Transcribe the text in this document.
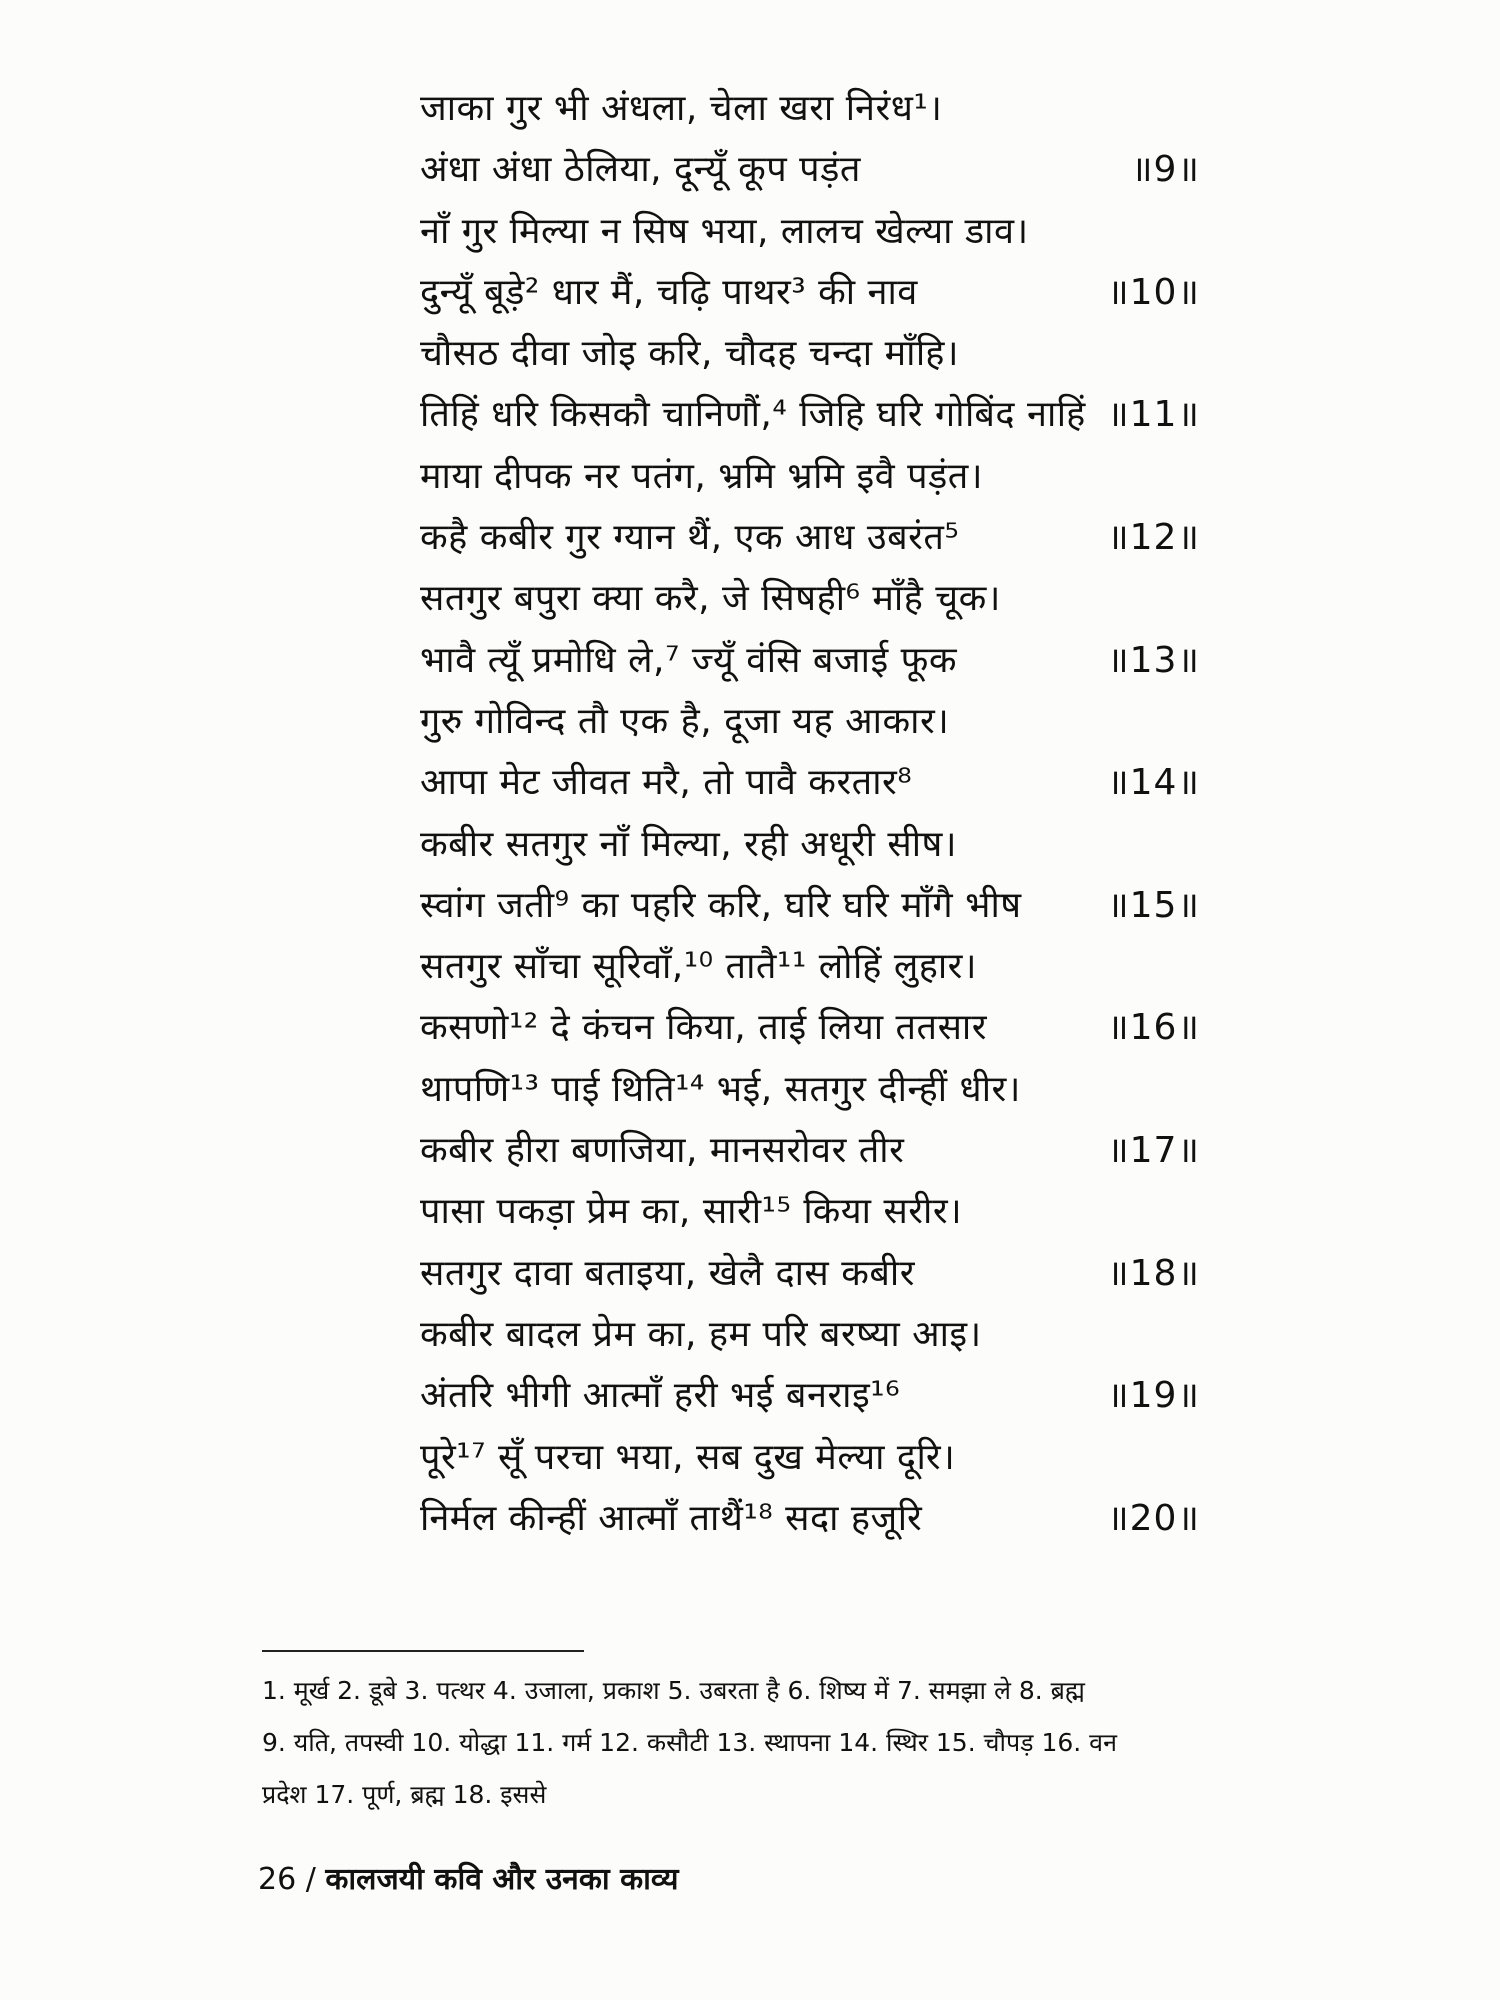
जाका गुर भी अंधला, चेला खरा निरंध¹।
अंधा अंधा ठेलिया, दून्यूँ कूप पड़ंत	॥9॥
नाँ गुर मिल्या न सिष भया, लालच खेल्या डाव।
दुन्यूँ बूड़े² धार मैं, चढ़ि पाथर³ की नाव	॥10॥
चौसठ दीवा जोइ करि, चौदह चन्दा माँहि।
तिहिं धरि किसकौ चानिणौं,⁴ जिहि घरि गोबिंद नाहिं ॥11॥
माया दीपक नर पतंग, भ्रमि भ्रमि इवै पड़ंत।
कहै कबीर गुर ग्यान थैं, एक आध उबरंत⁵	॥12॥
सतगुर बपुरा क्या करै, जे सिषही⁶ माँहै चूक।
भावै त्यूँ प्रमोधि ले,⁷ ज्यूँ वंसि बजाई फूक	॥13॥
गुरु गोविन्द तौ एक है, दूजा यह आकार।
आपा मेट जीवत मरै, तो पावै करतार⁸	॥14॥
कबीर सतगुर नाँ मिल्या, रही अधूरी सीष।
स्वांग जती⁹ का पहरि करि, घरि घरि माँगै भीष ॥15॥
सतगुर साँचा सूरिवाँ,¹⁰ तातै¹¹ लोहिं लुहार।
कसणो¹² दे कंचन किया, ताई लिया ततसार	॥16॥
थापणि¹³ पाई थिति¹⁴ भई, सतगुर दीन्हीं धीर।
कबीर हीरा बणजिया, मानसरोवर तीर	॥17॥
पासा पकड़ा प्रेम का, सारी¹⁵ किया सरीर।
सतगुर दावा बताइया, खेलै दास कबीर	॥18॥
कबीर बादल प्रेम का, हम परि बरष्या आइ।
अंतरि भीगी आत्माँ हरी भई बनराइ¹⁶	॥19॥
पूरे¹⁷ सूँ परचा भया, सब दुख मेल्या दूरि।
निर्मल कीन्हीं आत्माँ ताथैं¹⁸ सदा हजूरि	॥20॥
1. मूर्ख 2. डूबे 3. पत्थर 4. उजाला, प्रकाश 5. उबरता है 6. शिष्य में 7. समझा ले 8. ब्रह्म
9. यति, तपस्वी 10. योद्धा 11. गर्म 12. कसौटी 13. स्थापना 14. स्थिर 15. चौपड़ 16. वन
प्रदेश 17. पूर्ण, ब्रह्म 18. इससे
26 / कालजयी कवि और उनका काव्य
